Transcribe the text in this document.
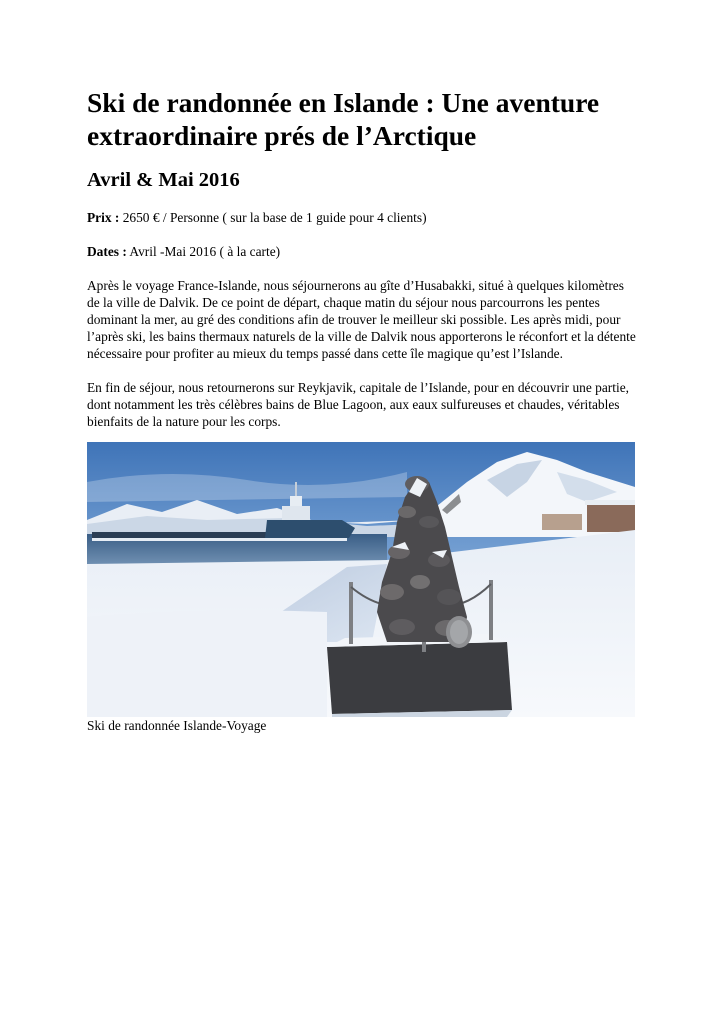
Ski de randonnée en Islande : Une aventure extraordinaire prés de l’Arctique
Avril & Mai 2016

Prix : 2650 € / Personne ( sur la base de 1 guide pour 4 clients)

Dates : Avril -Mai 2016 ( à la carte)

Après le voyage France-Islande, nous séjournerons au gîte d’Husabakki, situé à quelques kilomètres de la ville de Dalvik. De ce point de départ, chaque matin du séjour nous parcourrons les pentes dominant la mer, au gré des conditions afin de trouver le meilleur ski possible. Les après midi, pour l’après ski, les bains thermaux naturels de la ville de Dalvik nous apporterons le réconfort et la détente nécessaire pour profiter au mieux du temps passé dans cette île magique qu’est l’Islande.

En fin de séjour, nous retournerons sur Reykjavik, capitale de l’Islande, pour en découvrir une partie, dont notamment les très célèbres bains de Blue Lagoon, aux eaux sulfureuses et chaudes, véritables bienfaits de la nature pour les corps.

Ski de randonnée Islande-Voyage
